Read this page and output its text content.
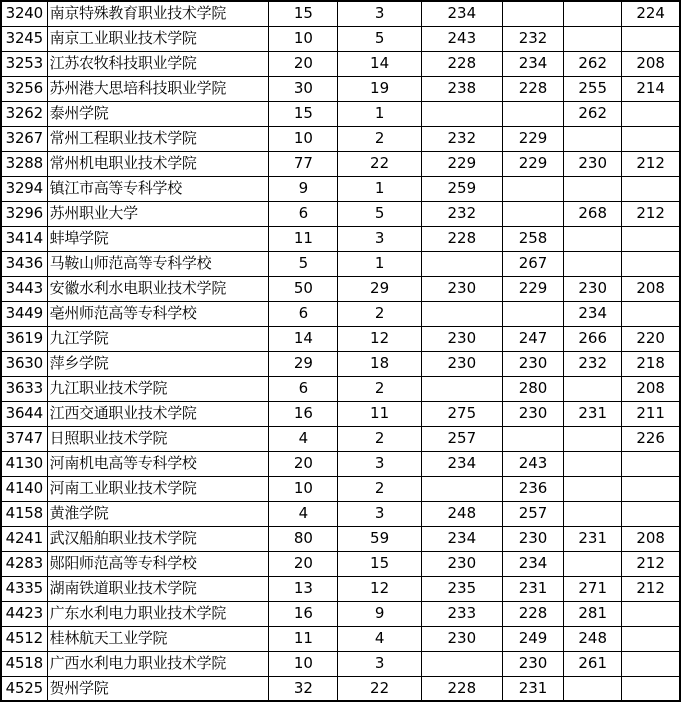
3240	南京特殊教育职业技术学院	15	3	234			224
3245	南京工业职业技术学院	10	5	243	232		
3253	江苏农牧科技职业学院	20	14	228	234	262	208
3256	苏州港大思培科技职业学院	30	19	238	228	255	214
3262	泰州学院	15	1			262	
3267	常州工程职业技术学院	10	2	232	229		
3288	常州机电职业技术学院	77	22	229	229	230	212
3294	镇江市高等专科学校	9	1	259			
3296	苏州职业大学	6	5	232		268	212
3414	蚌埠学院	11	3	228	258		
3436	马鞍山师范高等专科学校	5	1		267		
3443	安徽水利水电职业技术学院	50	29	230	229	230	208
3449	亳州师范高等专科学校	6	2			234	
3619	九江学院	14	12	230	247	266	220
3630	萍乡学院	29	18	230	230	232	218
3633	九江职业技术学院	6	2		280		208
3644	江西交通职业技术学院	16	11	275	230	231	211
3747	日照职业技术学院	4	2	257			226
4130	河南机电高等专科学校	20	3	234	243		
4140	河南工业职业技术学院	10	2		236		
4158	黄淮学院	4	3	248	257		
4241	武汉船舶职业技术学院	80	59	234	230	231	208
4283	郧阳师范高等专科学校	20	15	230	234		212
4335	湖南铁道职业技术学院	13	12	235	231	271	212
4423	广东水利电力职业技术学院	16	9	233	228	281	
4512	桂林航天工业学院	11	4	230	249	248	
4518	广西水利电力职业技术学院	10	3		230	261	
4525	贺州学院	32	22	228	231		
